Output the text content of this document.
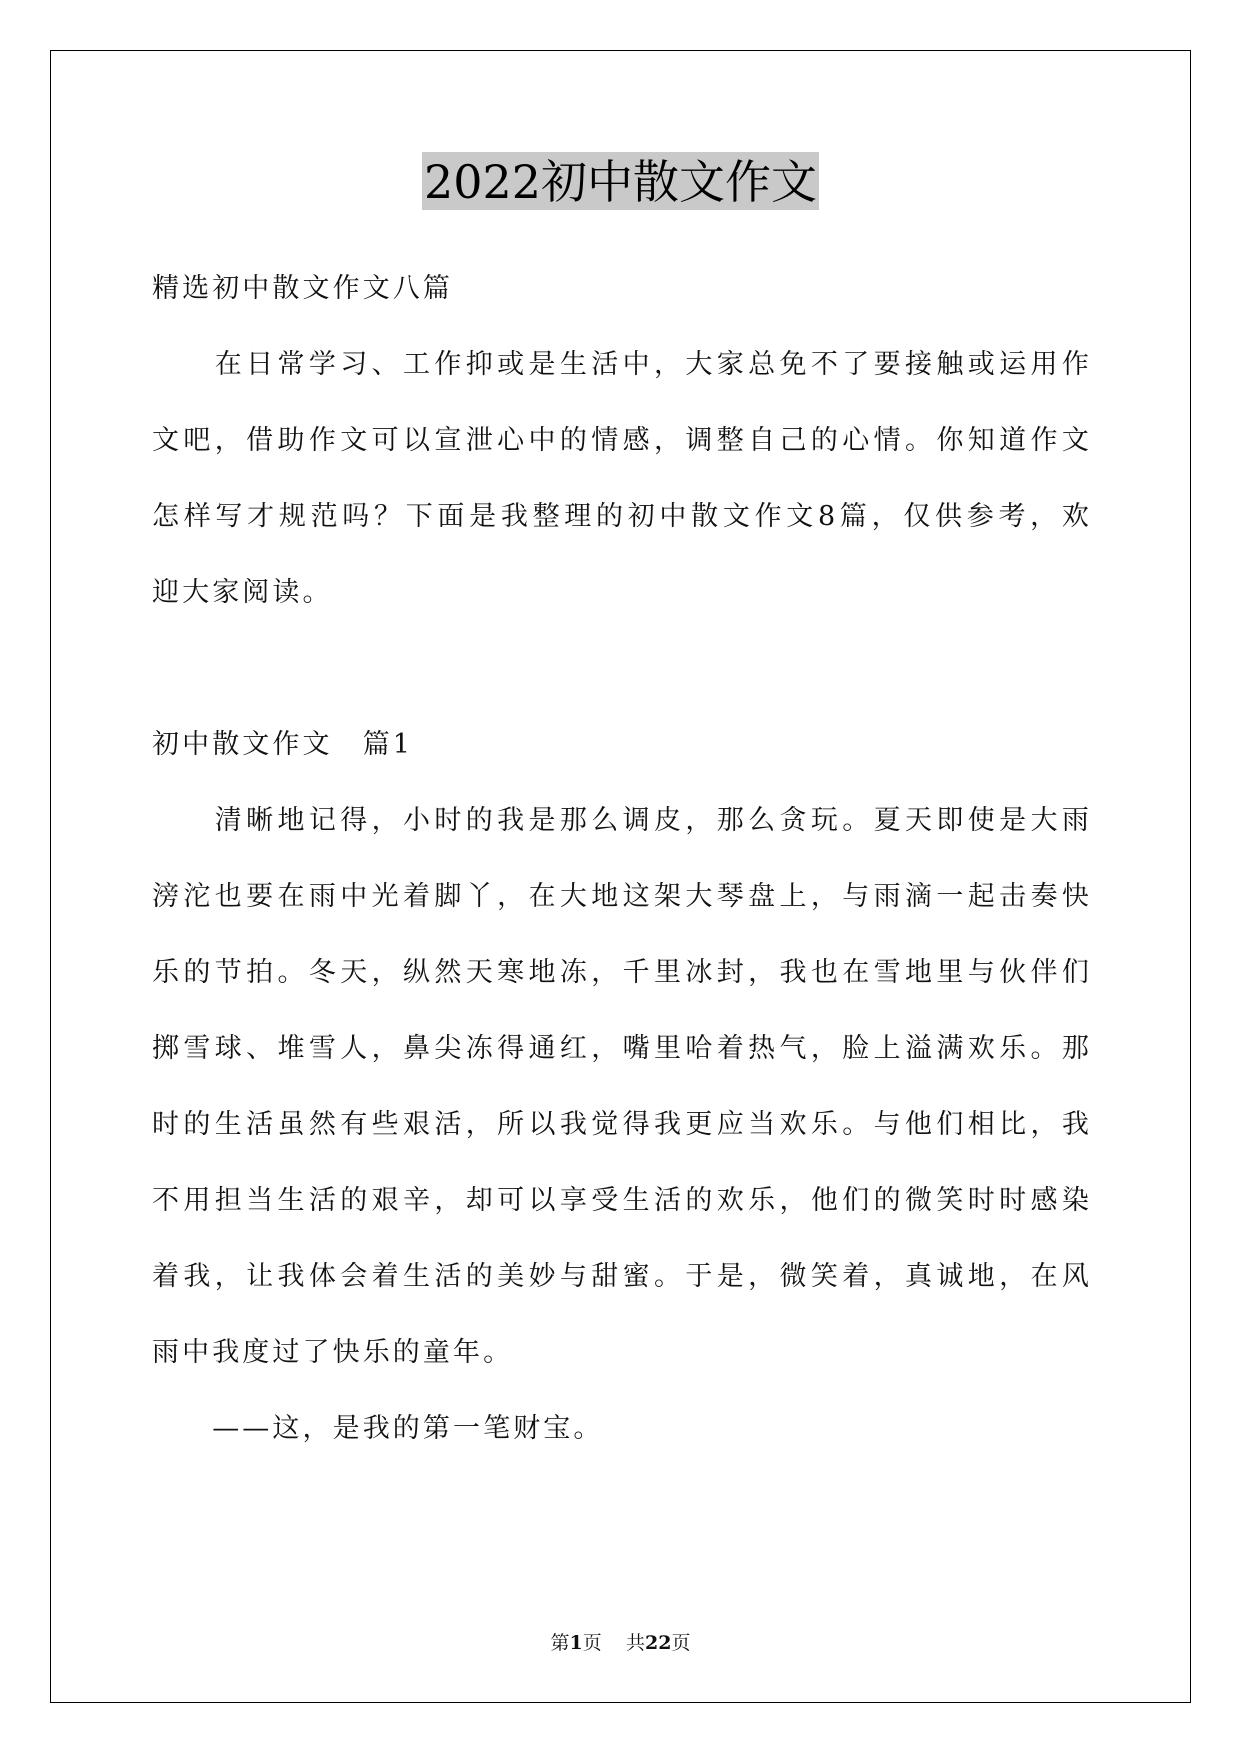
2022初中散文作文
精选初中散文作文八篇
　　在日常学习、工作抑或是生活中，大家总免不了要接触或运用作
文吧，借助作文可以宣泄心中的情感，调整自己的心情。你知道作文
怎样写才规范吗？下面是我整理的初中散文作文8篇，仅供参考，欢
迎大家阅读。
初中散文作文　篇1
　　清晰地记得，小时的我是那么调皮，那么贪玩。夏天即使是大雨
滂沱也要在雨中光着脚丫，在大地这架大琴盘上，与雨滴一起击奏快
乐的节拍。冬天，纵然天寒地冻，千里冰封，我也在雪地里与伙伴们
掷雪球、堆雪人，鼻尖冻得通红，嘴里哈着热气，脸上溢满欢乐。那
时的生活虽然有些艰活，所以我觉得我更应当欢乐。与他们相比，我
不用担当生活的艰辛，却可以享受生活的欢乐，他们的微笑时时感染
着我，让我体会着生活的美妙与甜蜜。于是，微笑着，真诚地，在风
雨中我度过了快乐的童年。
　　——这，是我的第一笔财宝。
第1页 共22页
